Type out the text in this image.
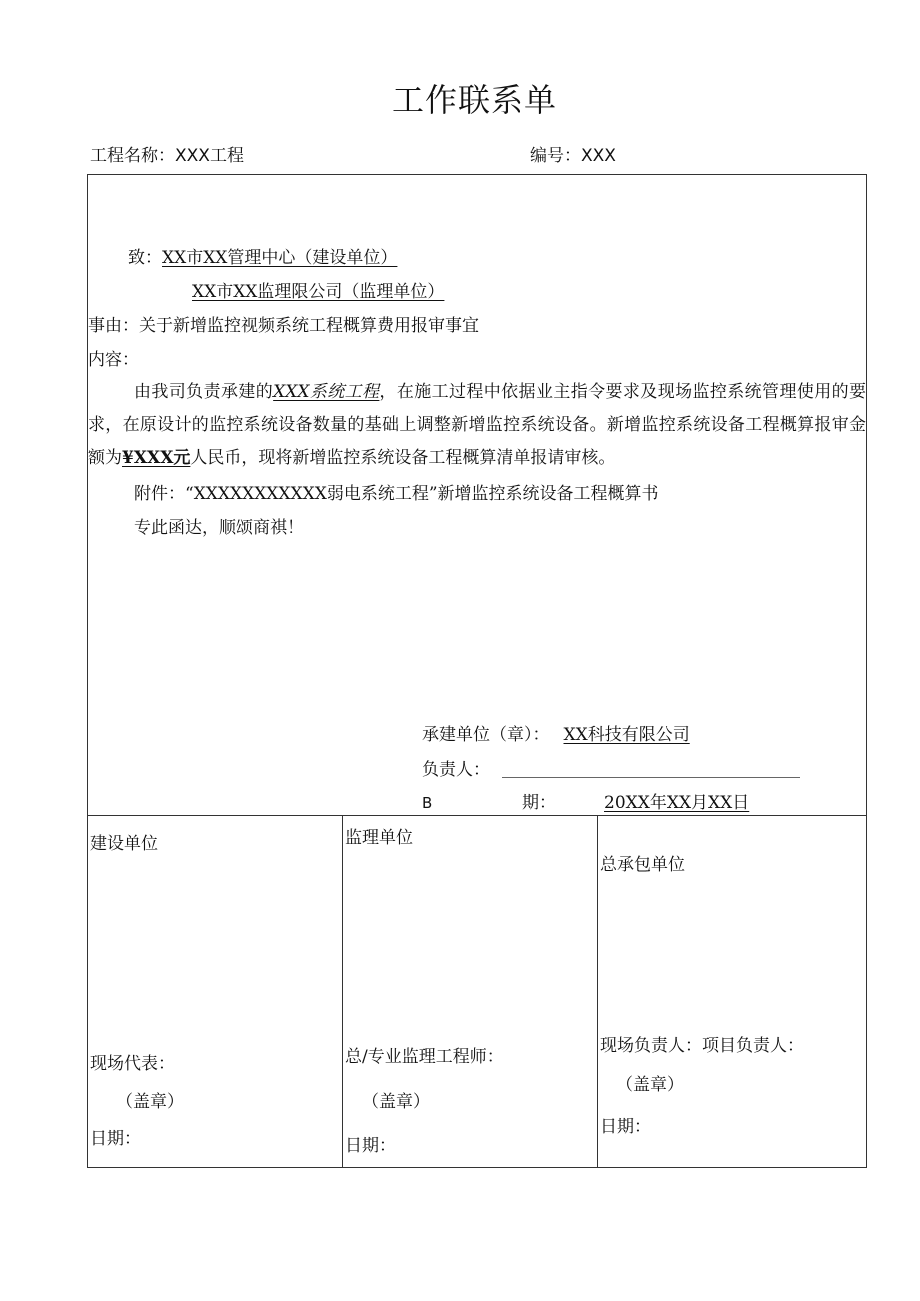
工作联系单
工程名称：XXX工程	编号：XXX
致：XX市XX管理中心（建设单位）
XX市XX监理限公司（监理单位）
事由：关于新增监控视频系统工程概算费用报审事宜
内容：
由我司负责承建的XXX系统工程，在施工过程中依据业主指令要求及现场监控系统管理使用的要求，在原设计的监控系统设备数量的基础上调整新增监控系统设备。新增监控系统设备工程概算报审金额为¥XXX元人民币，现将新增监控系统设备工程概算清单报请审核。
附件：“XXXXXXXXXXX弱电系统工程”新增监控系统设备工程概算书
专此函达，顺颂商祺！
承建单位（章）： XX科技有限公司
负责人：
B	期：	20XX年XX月XX日
建设单位
现场代表：
（盖章）
日期：
监理单位
总/专业监理工程师：
（盖章）
日期：
总承包单位
现场负责人：项目负责人：
（盖章）
日期：
